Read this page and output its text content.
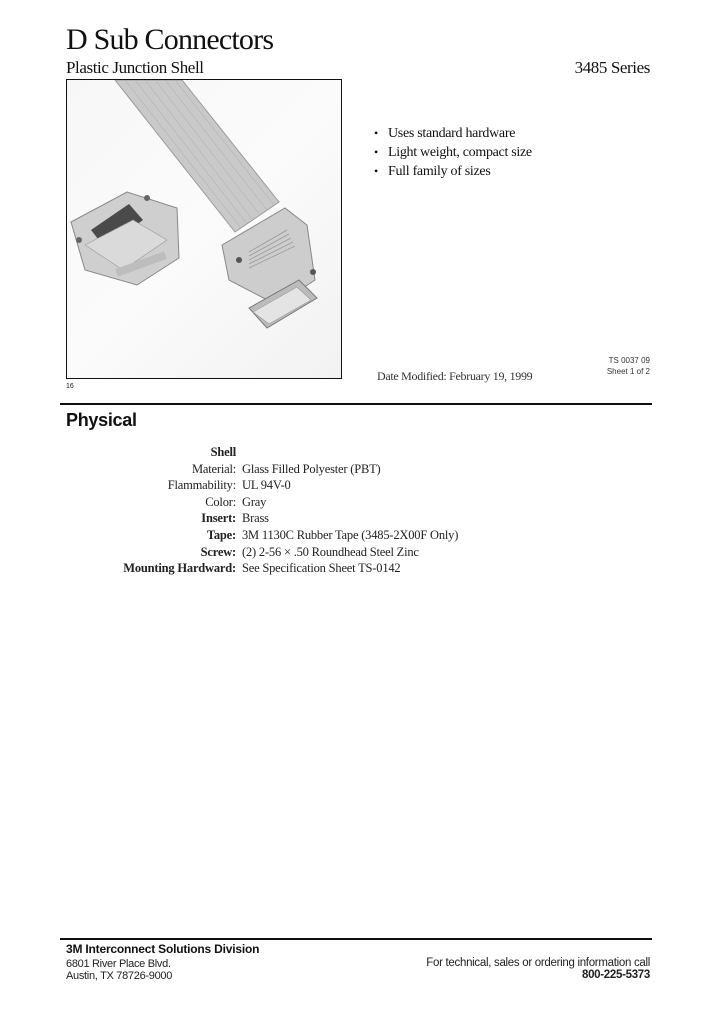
D Sub Connectors
Plastic Junction Shell	3485 Series
16
• Uses standard hardware
• Light weight, compact size
• Full family of sizes
TS 0037 09
Sheet 1 of 2
Date Modified: February 19, 1999
Physical
Shell
Material: Glass Filled Polyester (PBT)
Flammability: UL 94V-0
Color: Gray
Insert: Brass
Tape: 3M 1130C Rubber Tape (3485-2X00F Only)
Screw: (2) 2-56 × .50 Roundhead Steel Zinc
Mounting Hardward: See Specification Sheet TS-0142
3M Interconnect Solutions Division
6801 River Place Blvd.
Austin, TX 78726-9000
For technical, sales or ordering information call
800-225-5373
